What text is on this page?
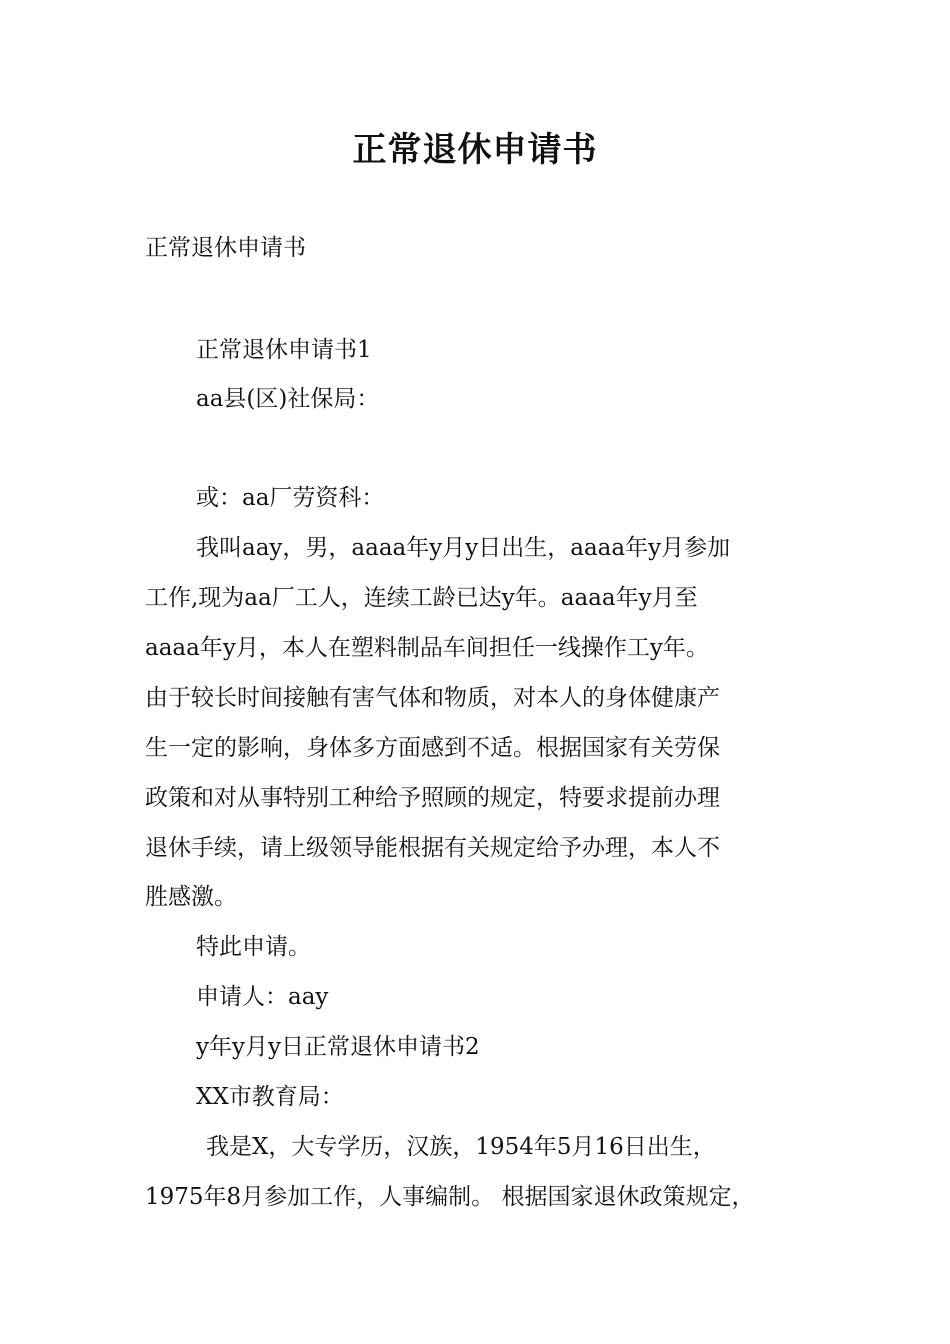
正常退休申请书

正常退休申请书

正常退休申请书1

aa县(区)社保局：

或：aa厂劳资科：

我叫aay，男，aaaa年y月y日出生，aaaa年y月参加

工作,现为aa厂工人，连续工龄已达y年。aaaa年y月至

aaaa年y月，本人在塑料制品车间担任一线操作工y年。

由于较长时间接触有害气体和物质，对本人的身体健康产

生一定的影响，身体多方面感到不适。根据国家有关劳保

政策和对从事特别工种给予照顾的规定，特要求提前办理

退休手续，请上级领导能根据有关规定给予办理，本人不

胜感激。

特此申请。

申请人：aay

y年y月y日正常退休申请书2

XX市教育局：

我是X，大专学历，汉族，1954年5月16日出生，

1975年8月参加工作，人事编制。 根据国家退休政策规定，
